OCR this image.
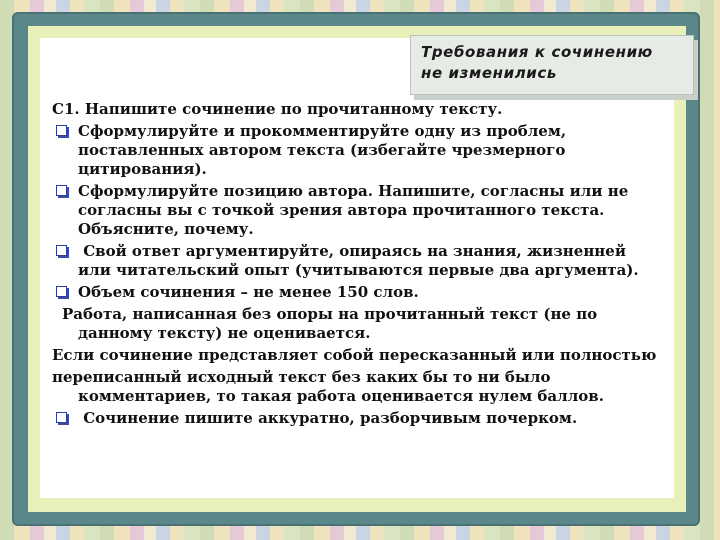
Требования к сочинению
не изменились

С1. Напишите сочинение по прочитанному тексту.

Сформулируйте и прокомментируйте одну из проблем,
поставленных автором текста (избегайте чрезмерного
цитирования).
Сформулируйте позицию автора. Напишите, согласны или не
согласны вы с точкой зрения автора прочитанного текста.
Объясните, почему.
Свой ответ аргументируйте, опираясь на знания, жизненней
или читательский опыт (учитываются первые два аргумента).
Объем сочинения – не менее 150 слов.
Работа, написанная без опоры на прочитанный текст (не по
данному тексту) не оценивается.

Если сочинение представляет собой пересказанный или полностью

переписанный исходный текст без каких бы то ни было
комментариев, то такая работа оценивается нулем баллов.
Сочинение пишите аккуратно, разборчивым почерком.
